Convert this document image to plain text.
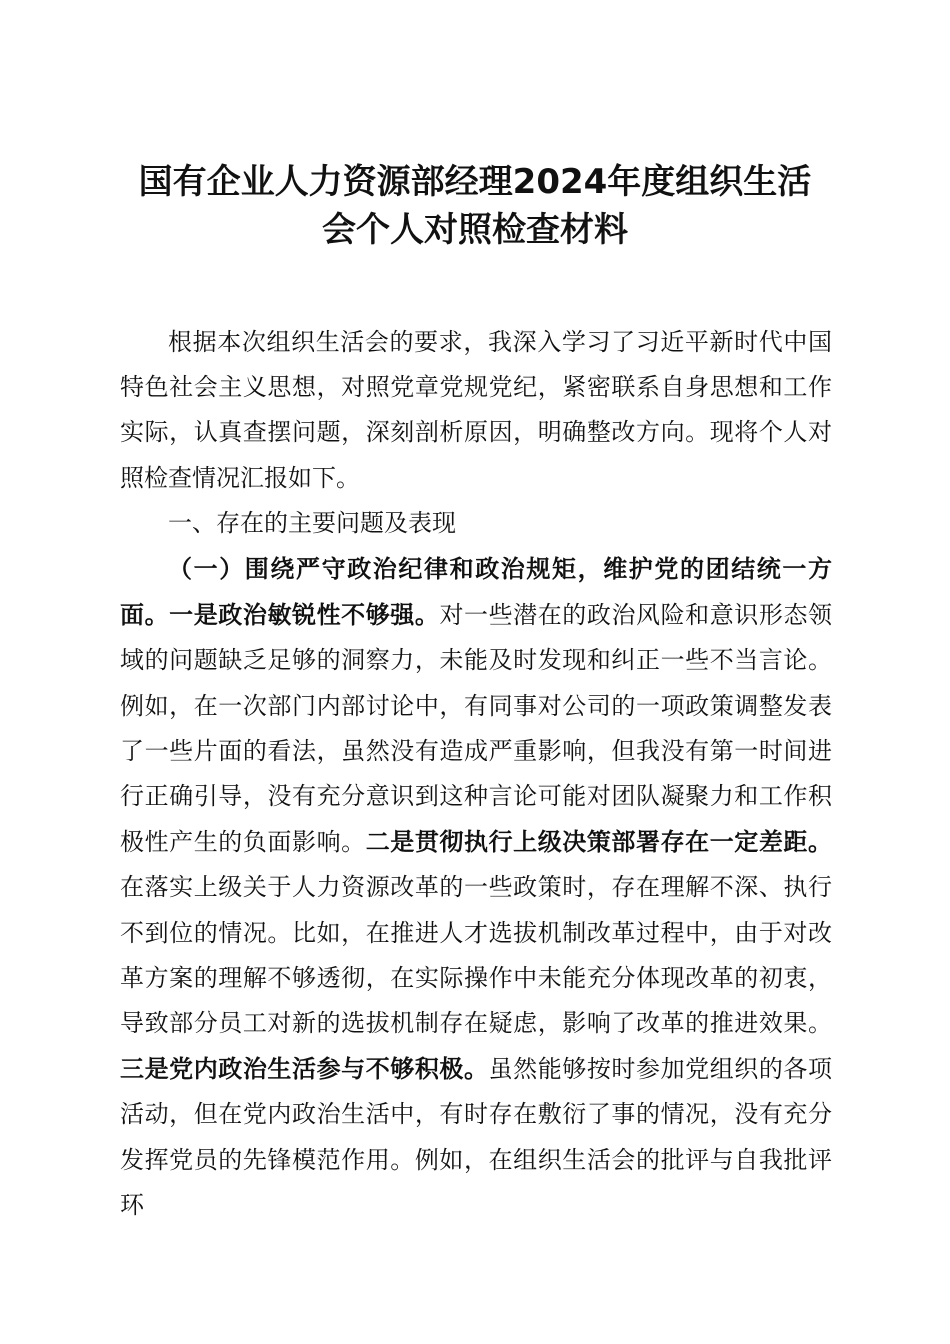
国有企业人力资源部经理2024年度组织生活
会个人对照检查材料

根据本次组织生活会的要求，我深入学习了习近平新时代中国特色社会主义思想，对照党章党规党纪，紧密联系自身思想和工作实际，认真查摆问题，深刻剖析原因，明确整改方向。现将个人对照检查情况汇报如下。

一、存在的主要问题及表现

（一）围绕严守政治纪律和政治规矩，维护党的团结统一方面。一是政治敏锐性不够强。对一些潜在的政治风险和意识形态领域的问题缺乏足够的洞察力，未能及时发现和纠正一些不当言论。例如，在一次部门内部讨论中，有同事对公司的一项政策调整发表了一些片面的看法，虽然没有造成严重影响，但我没有第一时间进行正确引导，没有充分意识到这种言论可能对团队凝聚力和工作积极性产生的负面影响。二是贯彻执行上级决策部署存在一定差距。在落实上级关于人力资源改革的一些政策时，存在理解不深、执行不到位的情况。比如，在推进人才选拔机制改革过程中，由于对改革方案的理解不够透彻，在实际操作中未能充分体现改革的初衷，导致部分员工对新的选拔机制存在疑虑，影响了改革的推进效果。三是党内政治生活参与不够积极。虽然能够按时参加党组织的各项活动，但在党内政治生活中，有时存在敷衍了事的情况，没有充分发挥党员的先锋模范作用。例如，在组织生活会的批评与自我批评环
